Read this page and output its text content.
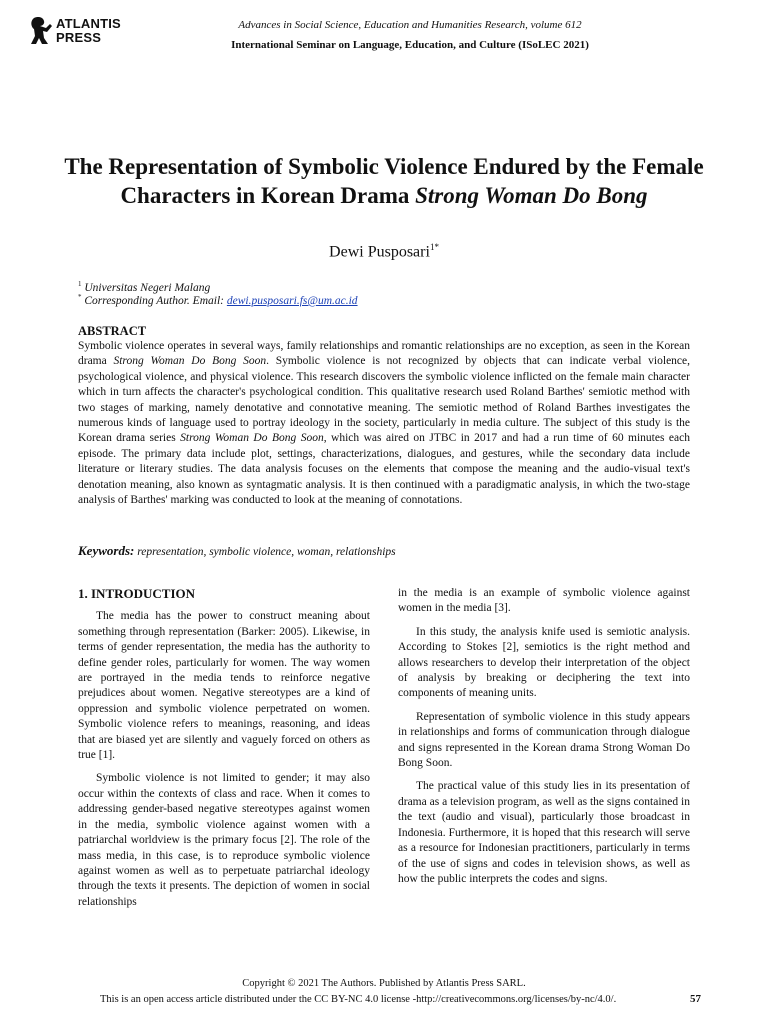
ATLANTIS
PRESS
Advances in Social Science, Education and Humanities Research, volume 612
International Seminar on Language, Education, and Culture (ISoLEC 2021)
The Representation of Symbolic Violence Endured by the Female Characters in Korean Drama Strong Woman Do Bong
Dewi Pusposari$^{1*}$
$^1$ Universitas Negeri Malang
* Corresponding Author. Email: dewi.pusposari.fs@um.ac.id
ABSTRACT

Symbolic violence operates in several ways, family relationships and romantic relationships are no exception, as seen in the Korean drama Strong Woman Do Bong Soon. Symbolic violence is not recognized by objects that can indicate verbal violence, psychological violence, and physical violence. This research discovers the symbolic violence inflicted on the female main character which in turn affects the character's psychological condition. This qualitative research used Roland Barthes' semiotic method with two stages of marking, namely denotative and connotative meaning. The semiotic method of Roland Barthes investigates the numerous kinds of language used to portray ideology in the society, particularly in media culture. The subject of this study is the Korean drama series Strong Woman Do Bong Soon, which was aired on JTBC in 2017 and had a run time of 60 minutes each episode. The primary data include plot, settings, characterizations, dialogues, and gestures, while the secondary data include literature or literary studies. The data analysis focuses on the elements that compose the meaning and the audio-visual text's denotation meaning, also known as syntagmatic analysis. It is then continued with a paradigmatic analysis, in which the two-stage analysis of Barthes' marking was conducted to look at the meaning of connotations.

Keywords: representation, symbolic violence, woman, relationships
1. INTRODUCTION

The media has the power to construct meaning about something through representation (Barker: 2005). Likewise, in terms of gender representation, the media has the authority to define gender roles, particularly for women. The way women are portrayed in the media tends to reinforce negative prejudices about women. Negative stereotypes are a kind of oppression and symbolic violence perpetrated on women. Symbolic violence refers to meanings, reasoning, and ideas that are biased yet are silently and vaguely forced on others as true [1].

Symbolic violence is not limited to gender; it may also occur within the contexts of class and race. When it comes to addressing gender-based negative stereotypes against women in the media, symbolic violence against women with a patriarchal worldview is the primary focus [2]. The role of the mass media, in this case, is to reproduce symbolic violence against women as well as to perpetuate patriarchal ideology through the texts it presents. The depiction of women in social relationships

in the media is an example of symbolic violence against women in the media [3].

In this study, the analysis knife used is semiotic analysis. According to Stokes [2], semiotics is the right method and allows researchers to develop their interpretation of the object of analysis by breaking or deciphering the text into components of meaning units.

Representation of symbolic violence in this study appears in relationships and forms of communication through dialogue and signs represented in the Korean drama Strong Woman Do Bong Soon.

The practical value of this study lies in its presentation of drama as a television program, as well as the signs contained in the text (audio and visual), particularly those broadcast in Indonesia. Furthermore, it is hoped that this research will serve as a resource for Indonesian practitioners, particularly in terms of the use of signs and codes in television shows, as well as how the public interprets the codes and signs.

Copyright © 2021 The Authors. Published by Atlantis Press SARL.
This is an open access article distributed under the CC BY-NC 4.0 license -http://creativecommons.org/licenses/by-nc/4.0/.	57
